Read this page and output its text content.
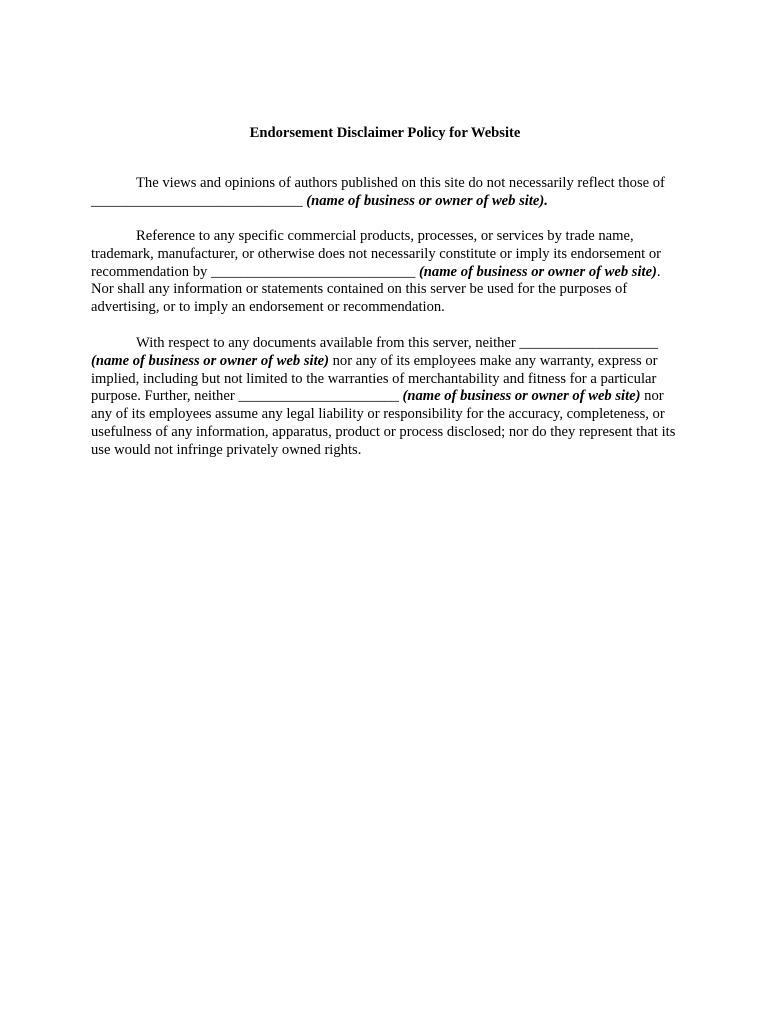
Endorsement Disclaimer Policy for Website

The views and opinions of authors published on this site do not necessarily reflect those of _____________________________ (name of business or owner of web site).

Reference to any specific commercial products, processes, or services by trade name, trademark, manufacturer, or otherwise does not necessarily constitute or imply its endorsement or recommendation by ____________________________ (name of business or owner of web site). Nor shall any information or statements contained on this server be used for the purposes of advertising, or to imply an endorsement or recommendation.

With respect to any documents available from this server, neither ___________________ (name of business or owner of web site) nor any of its employees make any warranty, express or implied, including but not limited to the warranties of merchantability and fitness for a particular purpose. Further, neither ______________________ (name of business or owner of web site) nor any of its employees assume any legal liability or responsibility for the accuracy, completeness, or usefulness of any information, apparatus, product or process disclosed; nor do they represent that its use would not infringe privately owned rights.
